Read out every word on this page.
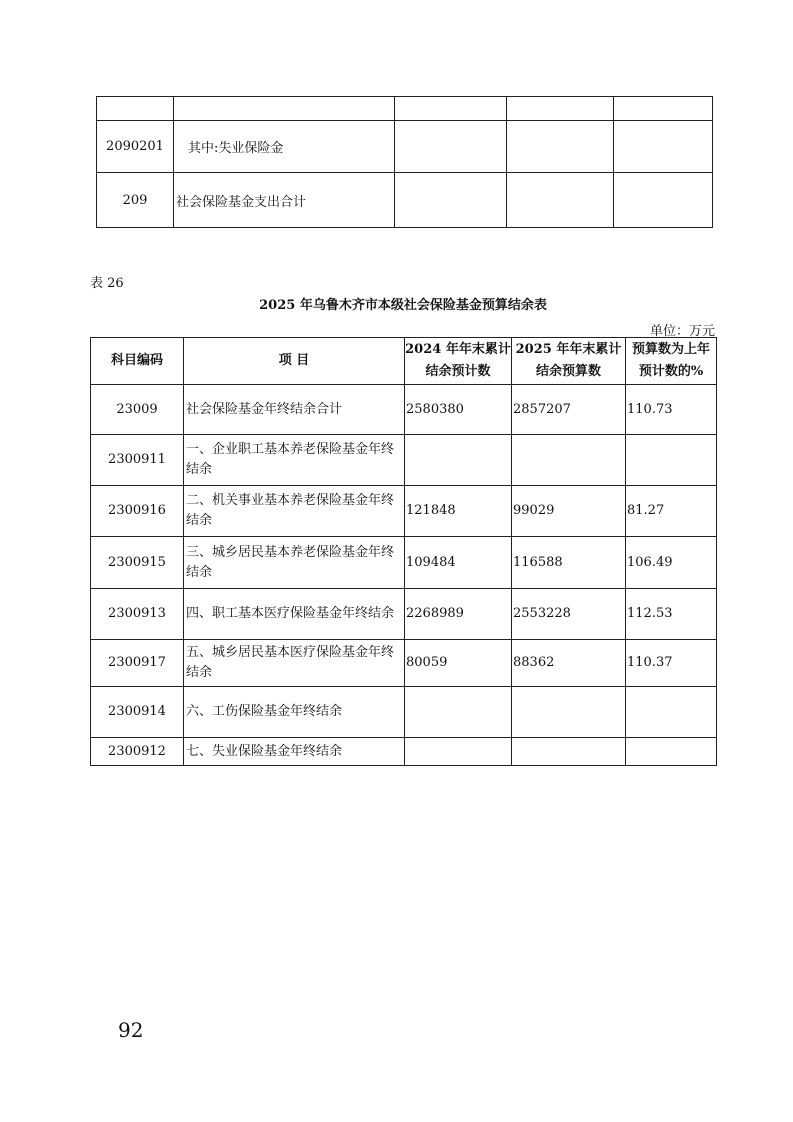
2090201	其中:失业保险金			
209	社会保险基金支出合计			
表 26
2025 年乌鲁木齐市本级社会保险基金预算结余表
单位：万元
科目编码	项 目	2024 年年末累计结余预计数	2025 年年末累计结余预算数	预算数为上年预计数的%
23009	社会保险基金年终结余合计	2580380	2857207	110.73
2300911	一、企业职工基本养老保险基金年终结余			
2300916	二、机关事业基本养老保险基金年终结余	121848	99029	81.27
2300915	三、城乡居民基本养老保险基金年终结余	109484	116588	106.49
2300913	四、职工基本医疗保险基金年终结余	2268989	2553228	112.53
2300917	五、城乡居民基本医疗保险基金年终结余	80059	88362	110.37
2300914	六、工伤保险基金年终结余			
2300912	七、失业保险基金年终结余			
92
